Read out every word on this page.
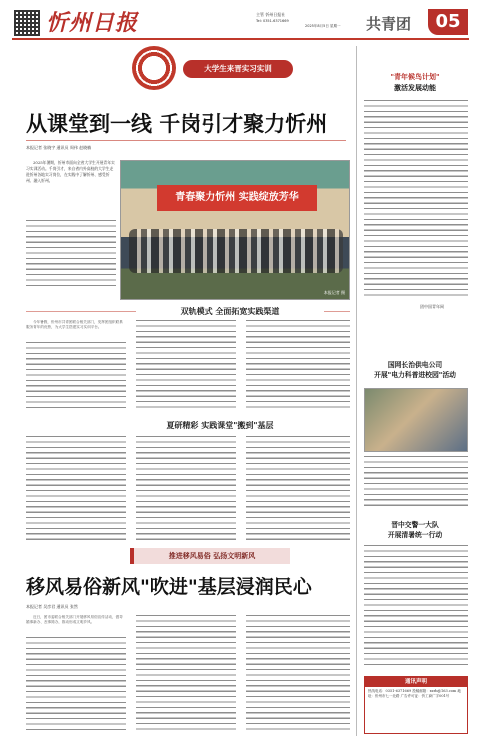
忻州日报	主管 忻州日报社
Tel: 0351-6371669
2025年8月5日 星期一	共青团	05
大学生来晋实习实训
从课堂到一线 千岗引才聚力忻州
本报记者 张晓宇 通讯员 周伟 赵晓楠

2025年暑期，忻州市面向全省大学生开展青年实习实训活动。千岗引才，来自省内外高校的大学生走进忻州各地实习岗位，在实践中了解忻州、感受忻州、融入忻州。

青春聚力忻州 实践绽放芳华
本报记者 摄
双轨模式 全面拓宽实践渠道

今年暑假，忻州市共青团联合相关部门，发挥团组织联系服务青年的优势，为大学生搭建实习实训平台。

夏研精彩 实践课堂"搬到"基层
推进移风易俗 弘扬文明新风
移风易俗新风"吹进"基层浸润民心
本报记者 吴彦君 通讯员 张然

近日，团市委联合相关部门开展移风易俗宣传活动，倡导婚事新办、丧事简办，推动形成文明乡风。

"青年候鸟计划"
激活发展动能
团中国青年网
国网长治供电公司
开展"电力科普进校园"活动
晋中交警一大队
开展清暑统一行动
通讯声明
热线电话：0351-6371669 投稿邮箱：xzrb@163.com 地址：忻州市七一北路 广告许可证：忻工商广字001号
